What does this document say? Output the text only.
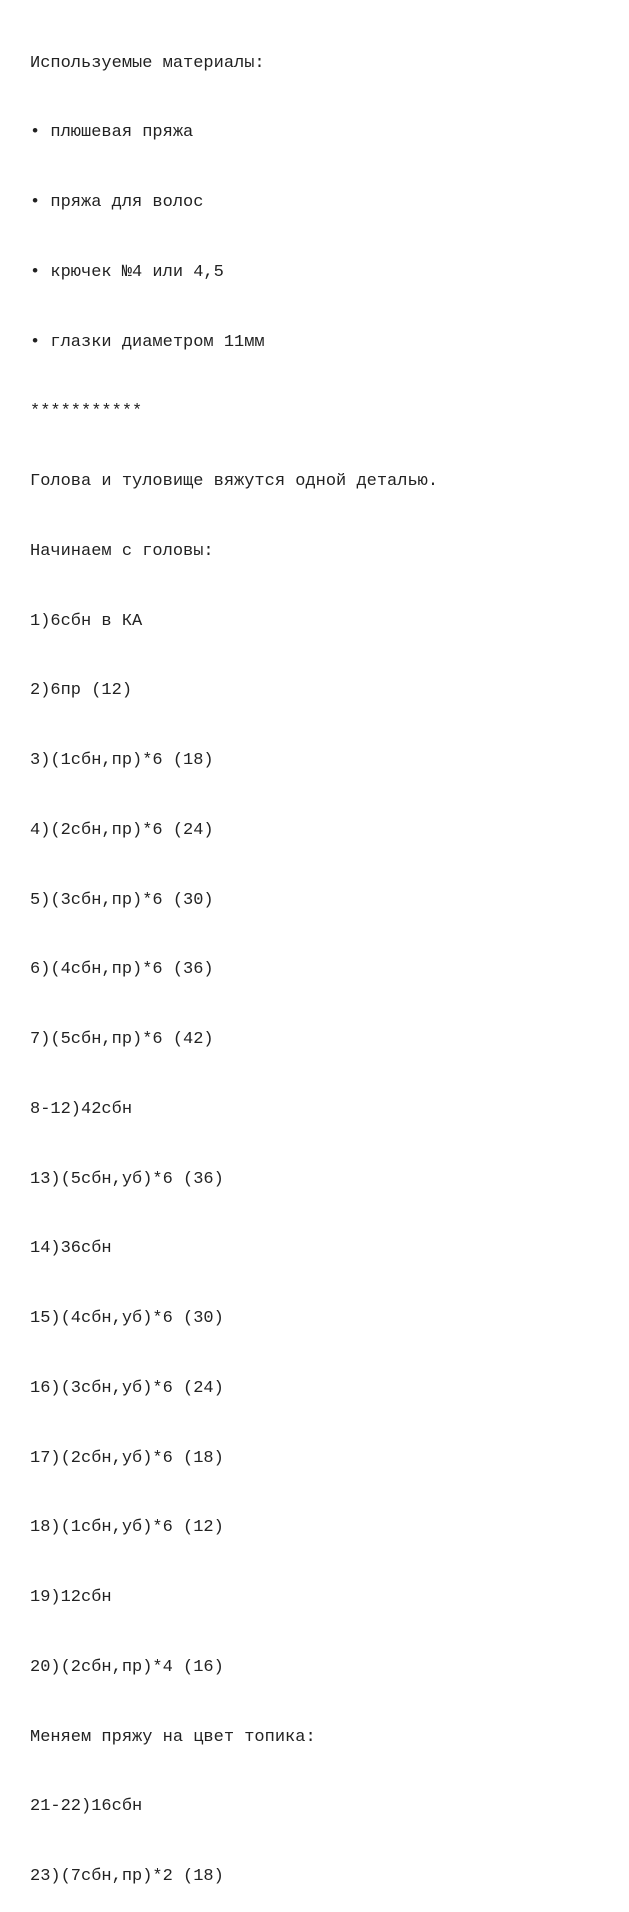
Используемые материалы:

• плюшевая пряжа

• пряжа для волос

• крючек №4 или 4,5

• глазки диаметром 11мм

***********

Голова и туловище вяжутся одной деталью.

Начинаем с головы:

1)6сбн в КА

2)6пр (12)

3)(1сбн,пр)*6 (18)

4)(2сбн,пр)*6 (24)

5)(3сбн,пр)*6 (30)

6)(4сбн,пр)*6 (36)

7)(5сбн,пр)*6 (42)

8-12)42сбн

13)(5сбн,уб)*6 (36)

14)36сбн

15)(4сбн,уб)*6 (30)

16)(3сбн,уб)*6 (24)

17)(2сбн,уб)*6 (18)

18)(1сбн,уб)*6 (12)

19)12сбн

20)(2сбн,пр)*4 (16)

Меняем пряжу на цвет топика:

21-22)16сбн

23)(7сбн,пр)*2 (18)
